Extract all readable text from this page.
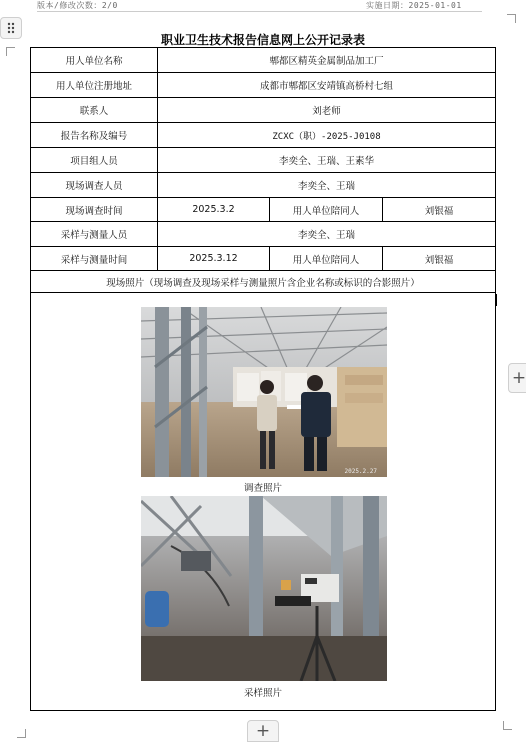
版本/修改次数：2/0	实施日期：2025-01-01
职业卫生技术报告信息网上公开记录表
用人单位名称	郫都区精英金属制品加工厂
用人单位注册地址	成都市郫都区安靖镇高桥村七组
联系人	刘老师
报告名称及编号	ZCXC（职）-2025-J0108
项目组人员	李奕全、王瑞、王素华
现场调查人员	李奕全、王瑞
现场调查时间	2025.3.2	用人单位陪同人	刘银福
采样与测量人员	李奕全、王瑞
采样与测量时间	2025.3.12	用人单位陪同人	刘银福
现场照片（现场调查及现场采样与测量照片含企业名称或标识的合影照片）
2025.2.27
调查照片
采样照片
+
+
